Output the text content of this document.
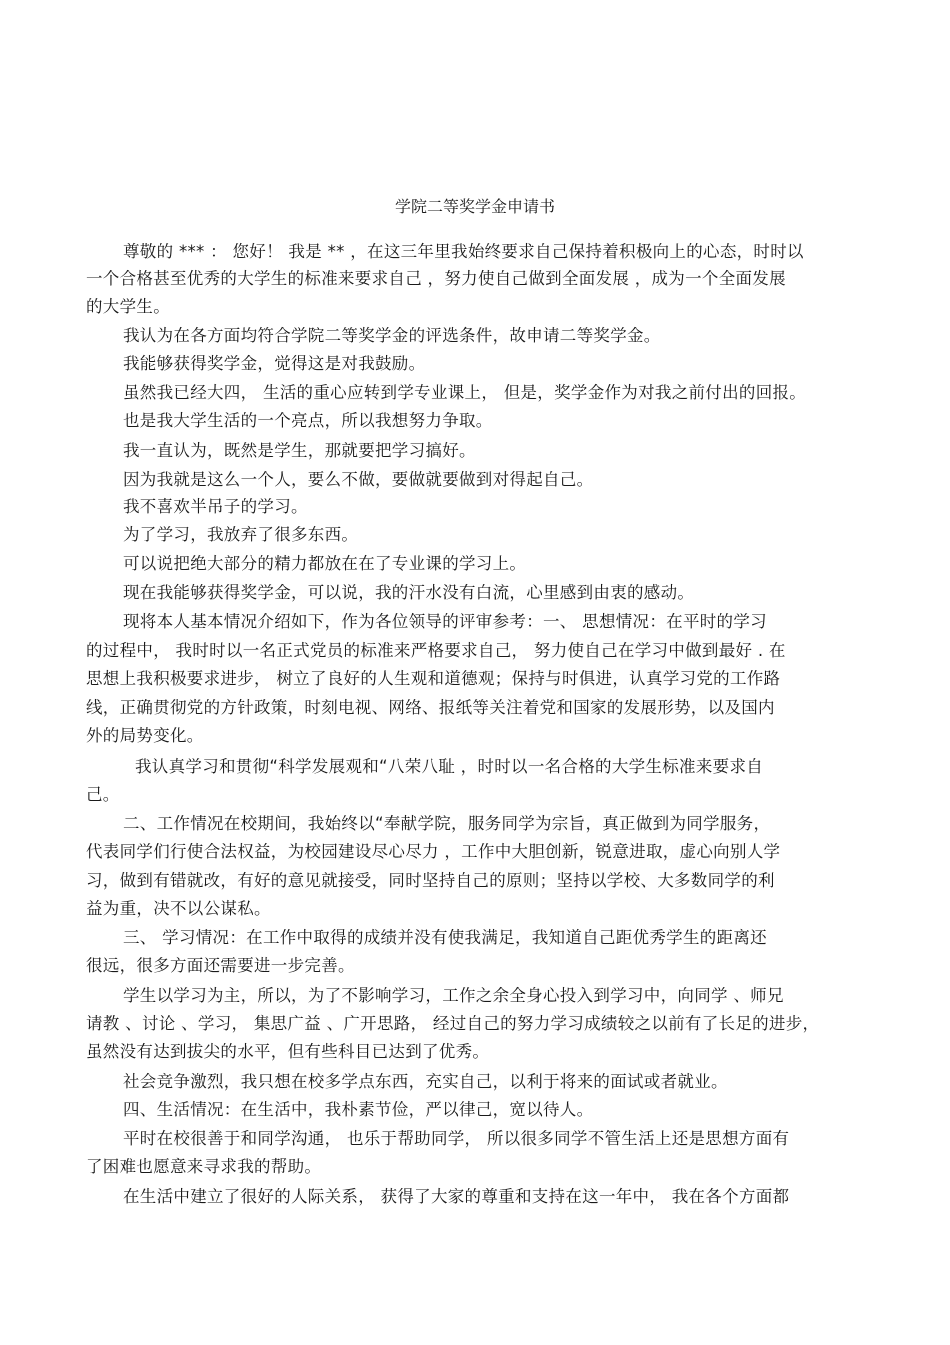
学院二等奖学金申请书
尊敬的 *** ： 您好！ 我是 ** ，在这三年里我始终要求自己保持着积极向上的心态，时时以
一个合格甚至优秀的大学生的标准来要求自己 ，努力使自己做到全面发展 ，成为一个全面发展
的大学生。
我认为在各方面均符合学院二等奖学金的评选条件，故申请二等奖学金。
我能够获得奖学金，觉得这是对我鼓励。
虽然我已经大四， 生活的重心应转到学专业课上， 但是，奖学金作为对我之前付出的回报。
也是我大学生活的一个亮点，所以我想努力争取。
我一直认为，既然是学生，那就要把学习搞好。
因为我就是这么一个人，要么不做，要做就要做到对得起自己。
我不喜欢半吊子的学习。
为了学习，我放弃了很多东西。
可以说把绝大部分的精力都放在在了专业课的学习上。
现在我能够获得奖学金，可以说，我的汗水没有白流，心里感到由衷的感动。
现将本人基本情况介绍如下，作为各位领导的评审参考：一、 思想情况：在平时的学习
的过程中， 我时时以一名正式党员的标准来严格要求自己， 努力使自己在学习中做到最好 . 在
思想上我积极要求进步， 树立了良好的人生观和道德观；保持与时俱进，认真学习党的工作路
线，正确贯彻党的方针政策，时刻电视、网络、报纸等关注着党和国家的发展形势，以及国内
外的局势变化。
我认真学习和贯彻“科学发展观和“八荣八耻 ，时时以一名合格的大学生标准来要求自
己。
二、工作情况在校期间，我始终以“奉献学院，服务同学为宗旨，真正做到为同学服务，
代表同学们行使合法权益，为校园建设尽心尽力 ，工作中大胆创新，锐意进取，虚心向别人学
习，做到有错就改，有好的意见就接受，同时坚持自己的原则；坚持以学校、大多数同学的利
益为重，决不以公谋私。
三、 学习情况：在工作中取得的成绩并没有使我满足，我知道自己距优秀学生的距离还
很远，很多方面还需要进一步完善。
学生以学习为主，所以，为了不影响学习，工作之余全身心投入到学习中，向同学 、师兄
请教 、讨论 、学习， 集思广益 、广开思路， 经过自己的努力学习成绩较之以前有了长足的进步，
虽然没有达到拔尖的水平，但有些科目已达到了优秀。
社会竞争激烈，我只想在校多学点东西，充实自己，以利于将来的面试或者就业。
四、生活情况：在生活中，我朴素节俭，严以律己，宽以待人。
平时在校很善于和同学沟通， 也乐于帮助同学， 所以很多同学不管生活上还是思想方面有
了困难也愿意来寻求我的帮助。
在生活中建立了很好的人际关系， 获得了大家的尊重和支持在这一年中， 我在各个方面都
